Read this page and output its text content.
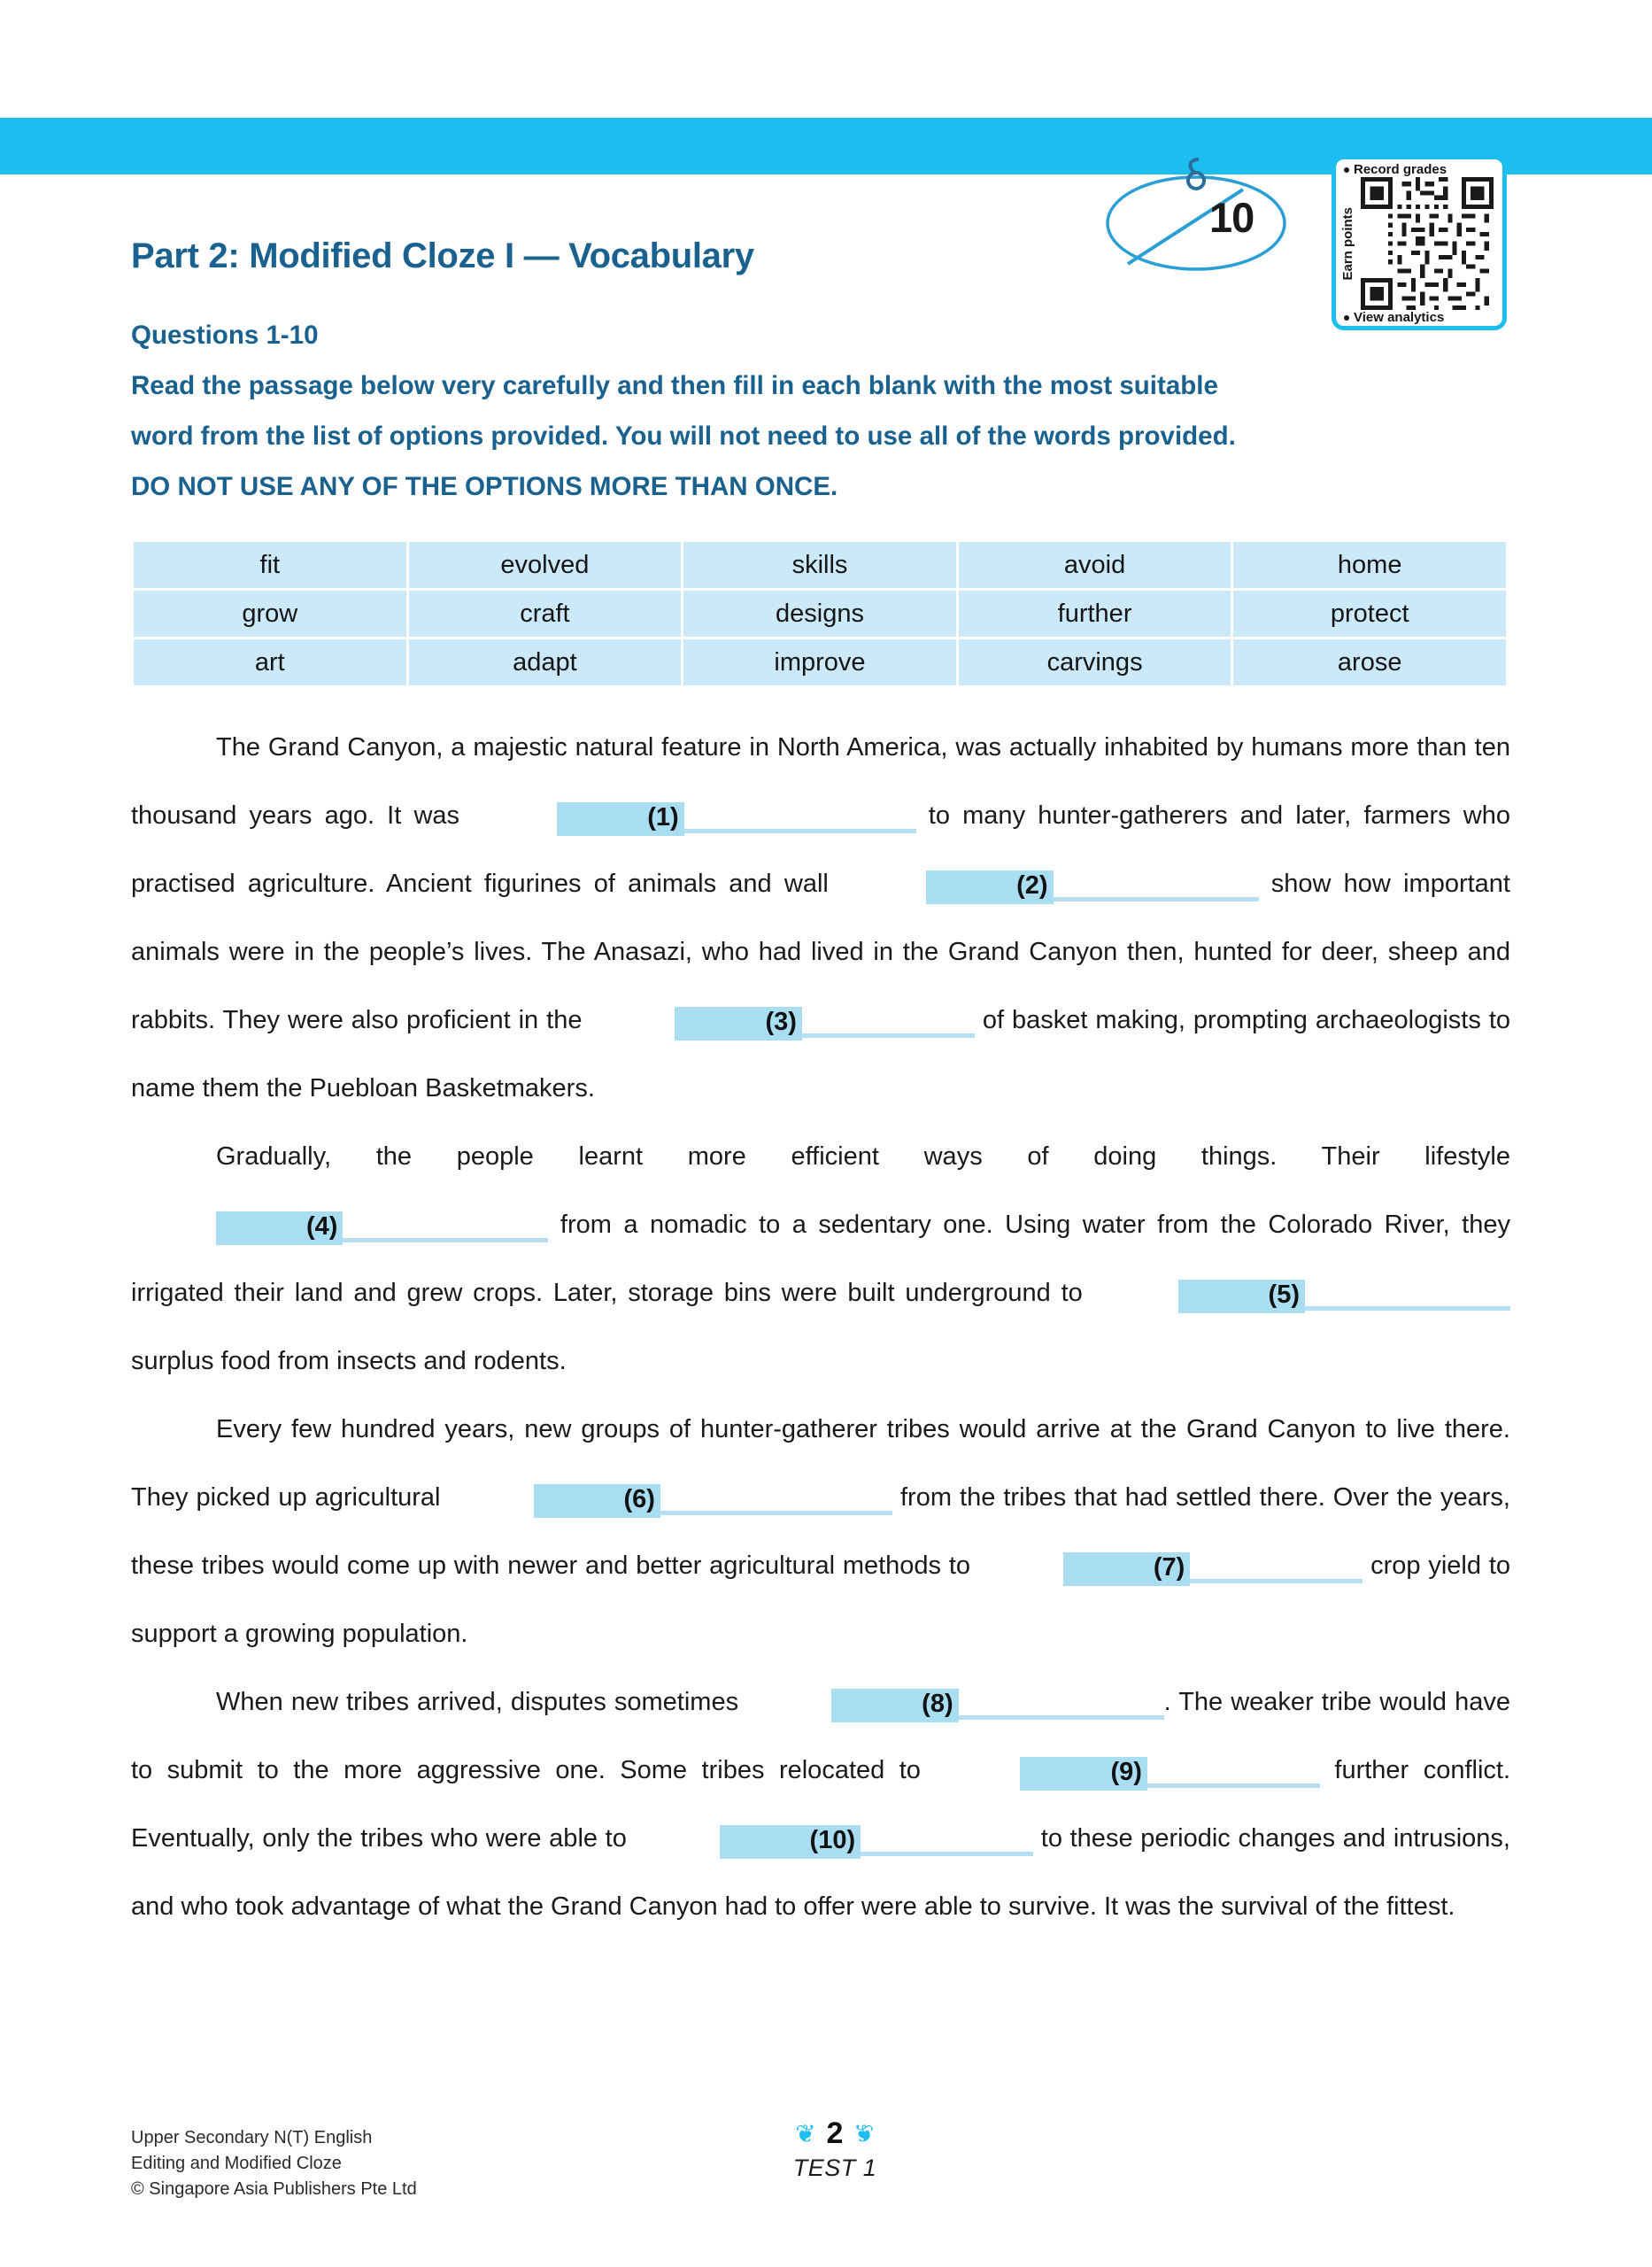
10
Record grades
Earn points
View analytics
Part 2: Modified Cloze I — Vocabulary
Questions 1-10
Read the passage below very carefully and then fill in each blank with the most suitable
word from the list of options provided. You will not need to use all of the words provided.
DO NOT USE ANY OF THE OPTIONS MORE THAN ONCE.
fit	evolved	skills	avoid	home
grow	craft	designs	further	protect
art	adapt	improve	carvings	arose

The Grand Canyon, a majestic natural feature in North America, was actually inhabited by humans more than ten thousand years ago. It was	(1)	to many hunter-gatherers and later, farmers who practised agriculture. Ancient figurines of animals and wall	(2)	show how important animals were in the people’s lives. The Anasazi, who had lived in the Grand Canyon then, hunted for deer, sheep and rabbits. They were also proficient in the	(3)	of basket making, prompting archaeologists to name them the Puebloan Basketmakers.

Gradually, the people learnt more efficient ways of doing things. Their lifestyle (4)	from a nomadic to a sedentary one. Using water from the Colorado River, they irrigated their land and grew crops. Later, storage bins were built underground to	(5) surplus food from insects and rodents.

Every few hundred years, new groups of hunter-gatherer tribes would arrive at the Grand Canyon to live there. They picked up agricultural	(6)	from the tribes that had settled there. Over the years, these tribes would come up with newer and better agricultural methods to	(7)	crop yield to support a growing population.

When new tribes arrived, disputes sometimes	(8)	. The weaker tribe would have to submit to the more aggressive one. Some tribes relocated to	(9)	further conflict. Eventually, only the tribes who were able to	(10)	to these periodic changes and intrusions, and who took advantage of what the Grand Canyon had to offer were able to survive. It was the survival of the fittest.

Upper Secondary N(T) English
Editing and Modified Cloze
© Singapore Asia Publishers Pte Ltd
❦ 2 ❦
TEST 1
